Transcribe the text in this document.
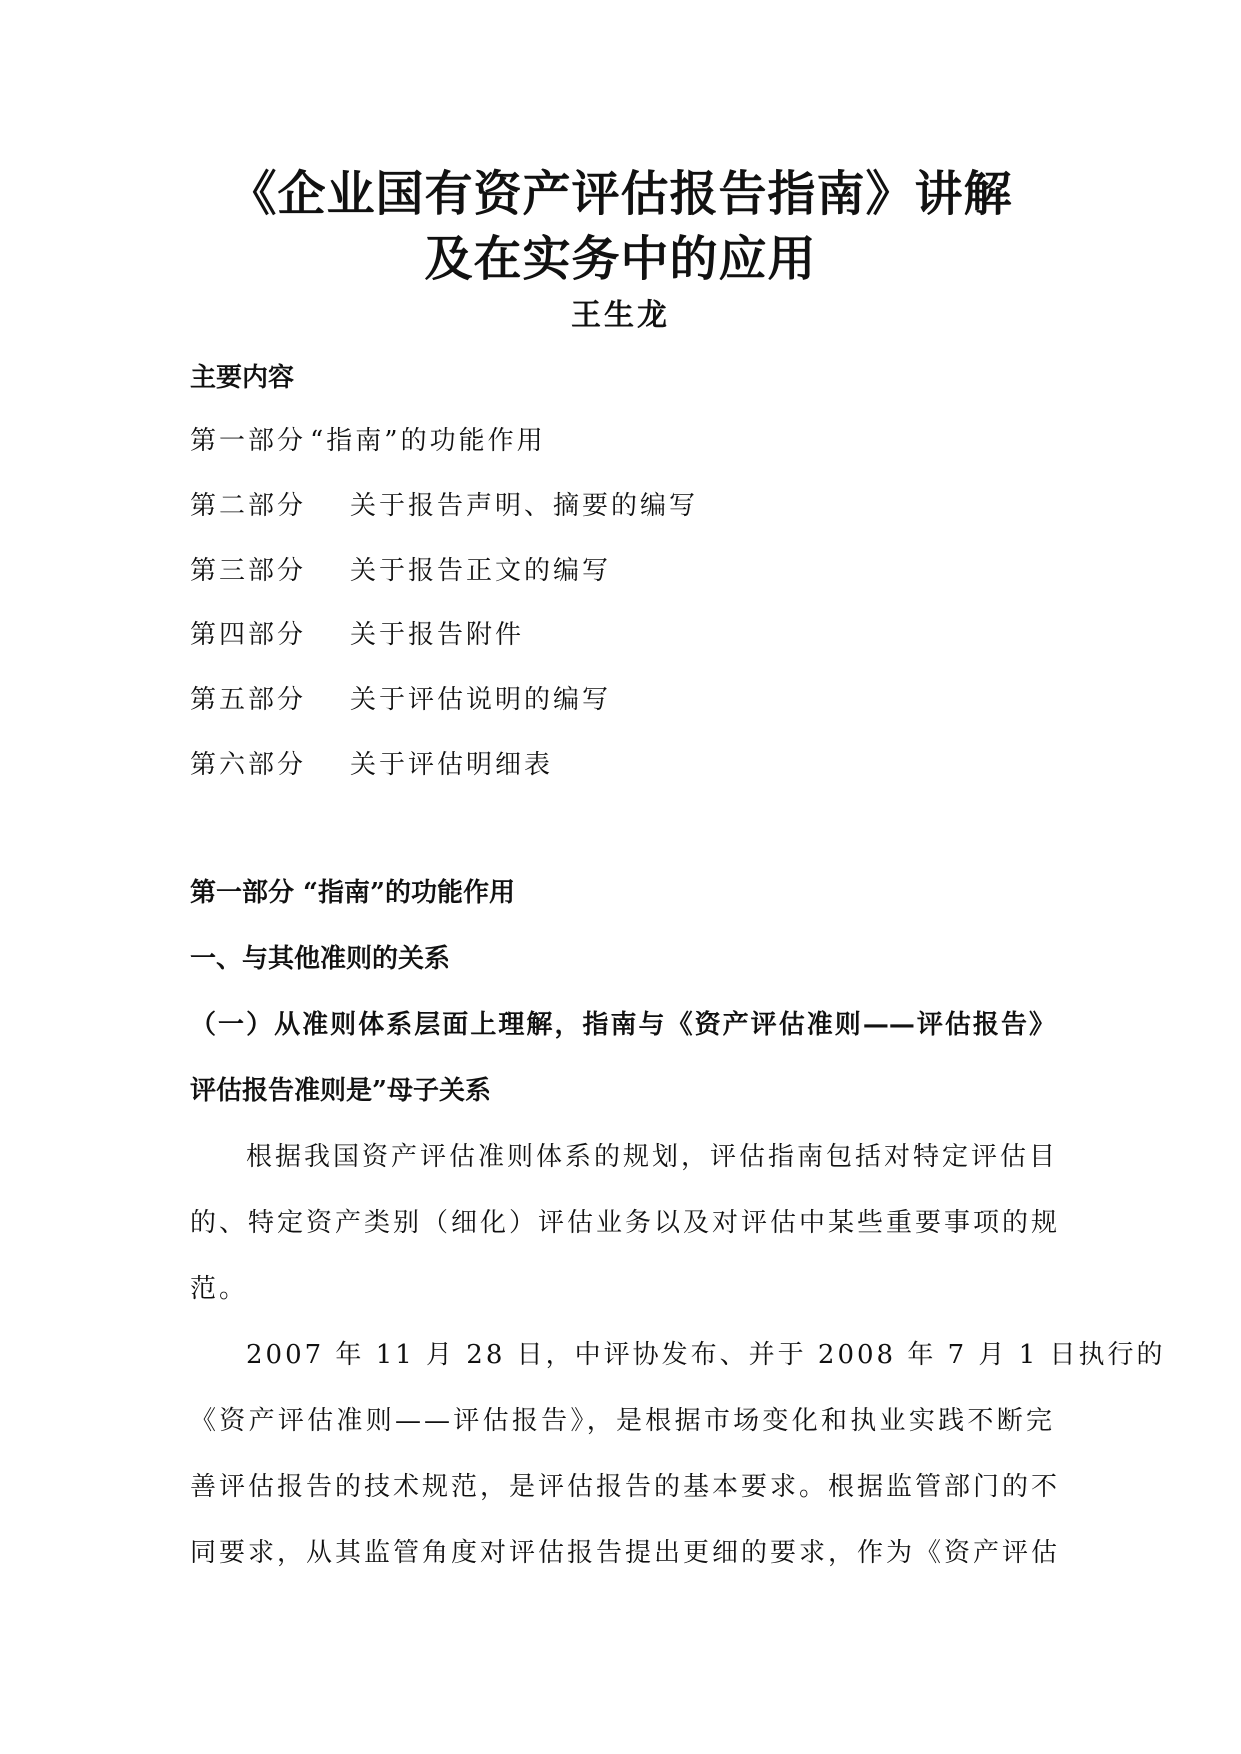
《企业国有资产评估报告指南》讲解
及在实务中的应用
王生龙
主要内容
第一部分 “指南”的功能作用
第二部分 关于报告声明、摘要的编写
第三部分 关于报告正文的编写
第四部分 关于报告附件
第五部分 关于评估说明的编写
第六部分 关于评估明细表
第一部分 “指南”的功能作用
一、与其他准则的关系
（一）从准则体系层面上理解，指南与《资产评估准则——评估报告》
评估报告准则是”母子关系
根据我国资产评估准则体系的规划，评估指南包括对特定评估目
的、特定资产类别（细化）评估业务以及对评估中某些重要事项的规
范。
2007 年 11 月 28 日，中评协发布、并于 2008 年 7 月 1 日执行的
《资产评估准则——评估报告》，是根据市场变化和执业实践不断完
善评估报告的技术规范，是评估报告的基本要求。根据监管部门的不
同要求，从其监管角度对评估报告提出更细的要求，作为《资产评估
